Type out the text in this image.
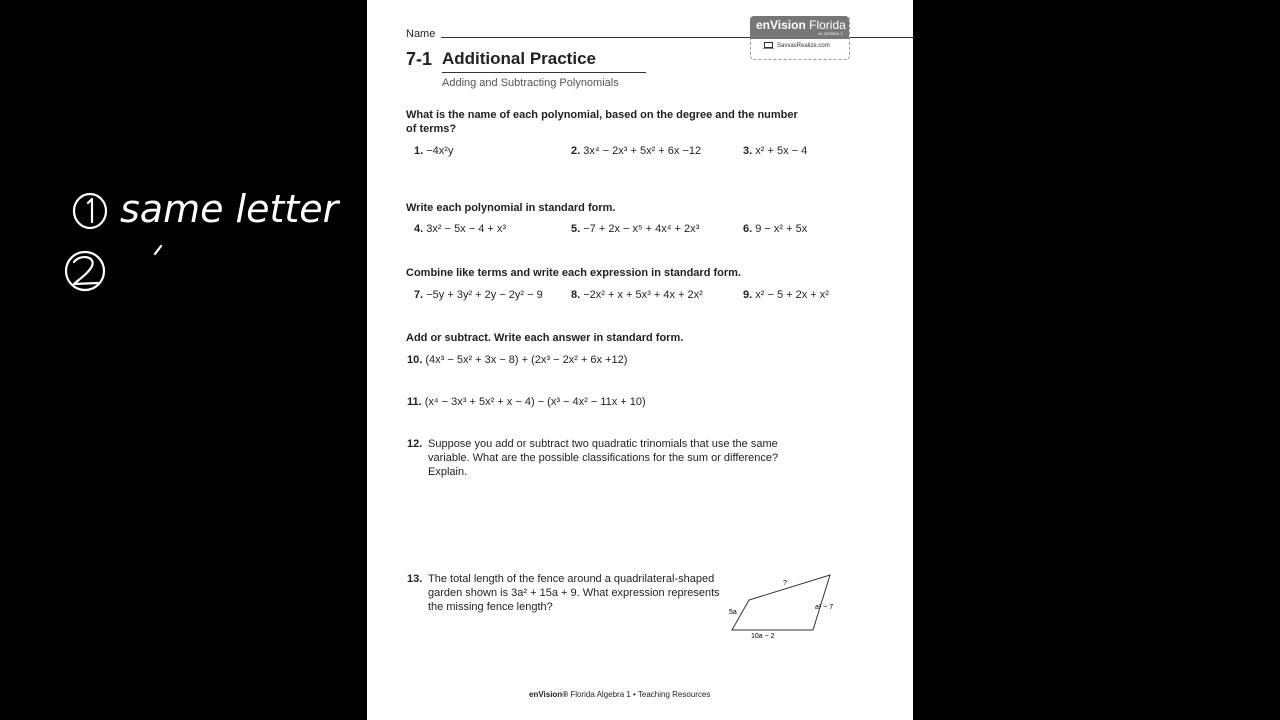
same letter
Name
enVision Florida
ALGEBRA 1
SavvasRealize.com
7-1 Additional Practice
Adding and Subtracting Polynomials
What is the name of each polynomial, based on the degree and the number of terms?
1. −4x²y	2. 3x⁴ − 2x³ + 5x² + 6x −12	3. x² + 5x − 4
Write each polynomial in standard form.
4. 3x² − 5x − 4 + x³	5. −7 + 2x − x⁵ + 4x⁴ + 2x³	6. 9 − x² + 5x
Combine like terms and write each expression in standard form.
7. −5y + 3y² + 2y − 2y² − 9	8. −2x² + x + 5x³ + 4x + 2x²	9. x² − 5 + 2x + x²
Add or subtract. Write each answer in standard form.
10. (4x³ − 5x² + 3x − 8) + (2x³ − 2x² + 6x +12)
11. (x⁴ − 3x³ + 5x² + x − 4) − (x³ − 4x² − 11x + 10)
12. Suppose you add or subtract two quadratic trinomials that use the same variable. What are the possible classifications for the sum or difference? Explain.
13. The total length of the fence around a quadrilateral-shaped garden shown is 3a² + 15a + 9. What expression represents the missing fence length?
?
5a
a² − 7
10a − 2
enVision® Florida Algebra 1 • Teaching Resources
